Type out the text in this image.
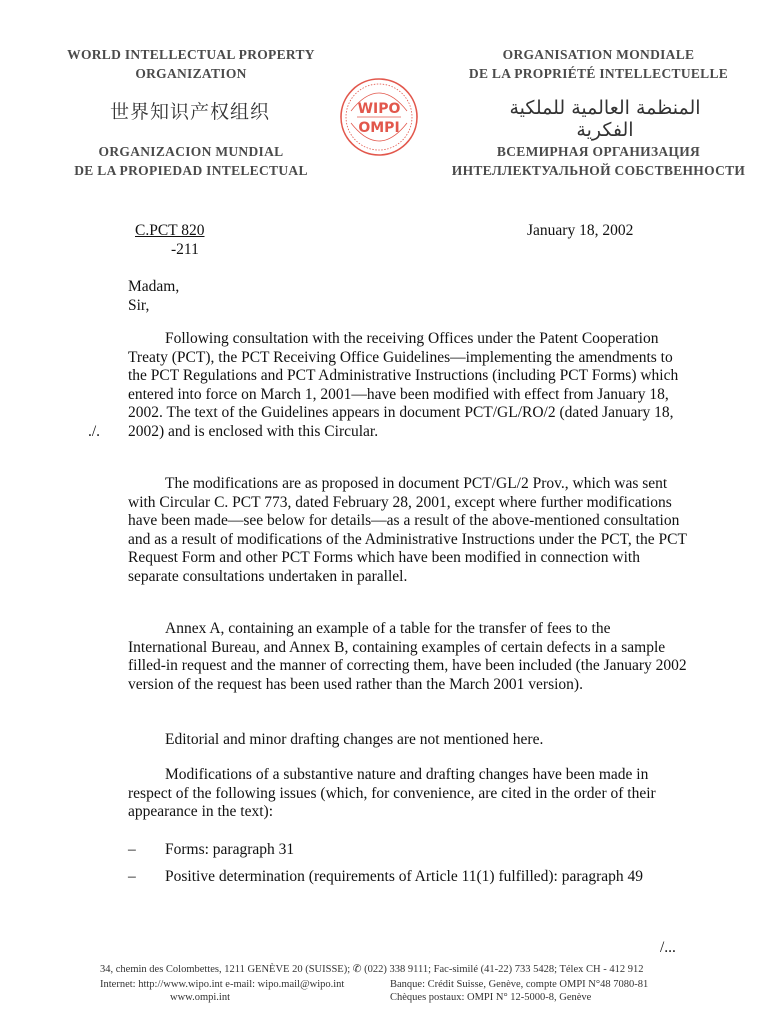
WORLD INTELLECTUAL PROPERTY
ORGANIZATION
ORGANISATION MONDIALE
DE LA PROPRIÉTÉ INTELLECTUELLE
世界知识产权组织	المنظمة العالمية للملكية الفكرية
ORGANIZACION MUNDIAL
DE LA PROPIEDAD INTELECTUAL
ВСЕМИРНАЯ ОРГАНИЗАЦИЯ
ИНТЕЛЛЕКТУАЛЬНОЙ СОБСТВЕННОСТИ
WIPO
OMPI
C.PCT 820
-211
January 18, 2002
Madam,
Sir,

Following consultation with the receiving Offices under the Patent Cooperation Treaty (PCT), the PCT Receiving Office Guidelines—implementing the amendments to the PCT Regulations and PCT Administrative Instructions (including PCT Forms) which entered into force on March 1, 2001—have been modified with effect from January 18, 2002. The text of the Guidelines appears in document PCT/GL/RO/2 (dated January 18, 2002) and is enclosed with this Circular.

./.

The modifications are as proposed in document PCT/GL/2 Prov., which was sent with Circular C. PCT 773, dated February 28, 2001, except where further modifications have been made—see below for details—as a result of the above-mentioned consultation and as a result of modifications of the Administrative Instructions under the PCT, the PCT Request Form and other PCT Forms which have been modified in connection with separate consultations undertaken in parallel.

Annex A, containing an example of a table for the transfer of fees to the International Bureau, and Annex B, containing examples of certain defects in a sample filled-in request and the manner of correcting them, have been included (the January 2002 version of the request has been used rather than the March 2001 version).

Editorial and minor drafting changes are not mentioned here.

Modifications of a substantive nature and drafting changes have been made in respect of the following issues (which, for convenience, are cited in the order of their appearance in the text):

– Forms: paragraph 31
– Positive determination (requirements of Article 11(1) fulfilled): paragraph 49
/...
34, chemin des Colombettes, 1211 GENÈVE 20 (SUISSE); ✆ (022) 338 9111; Fac-similé (41-22) 733 5428; Télex CH - 412 912
Internet: http://www.wipo.int e-mail: wipo.mail@wipo.int
www.ompi.int
Banque: Crédit Suisse, Genève, compte OMPI N°48 7080-81
Chèques postaux: OMPI N° 12-5000-8, Genève
